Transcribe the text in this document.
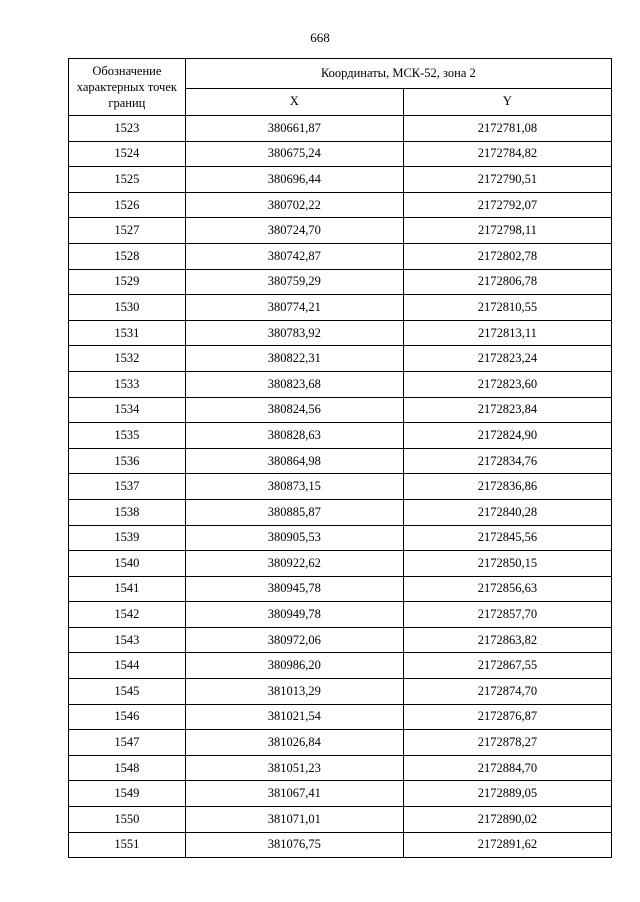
668
Обозначение характерных точек границ	Координаты, МСК-52, зона 2	
	X	Y
1523	380661,87	2172781,08
1524	380675,24	2172784,82
1525	380696,44	2172790,51
1526	380702,22	2172792,07
1527	380724,70	2172798,11
1528	380742,87	2172802,78
1529	380759,29	2172806,78
1530	380774,21	2172810,55
1531	380783,92	2172813,11
1532	380822,31	2172823,24
1533	380823,68	2172823,60
1534	380824,56	2172823,84
1535	380828,63	2172824,90
1536	380864,98	2172834,76
1537	380873,15	2172836,86
1538	380885,87	2172840,28
1539	380905,53	2172845,56
1540	380922,62	2172850,15
1541	380945,78	2172856,63
1542	380949,78	2172857,70
1543	380972,06	2172863,82
1544	380986,20	2172867,55
1545	381013,29	2172874,70
1546	381021,54	2172876,87
1547	381026,84	2172878,27
1548	381051,23	2172884,70
1549	381067,41	2172889,05
1550	381071,01	2172890,02
1551	381076,75	2172891,62
